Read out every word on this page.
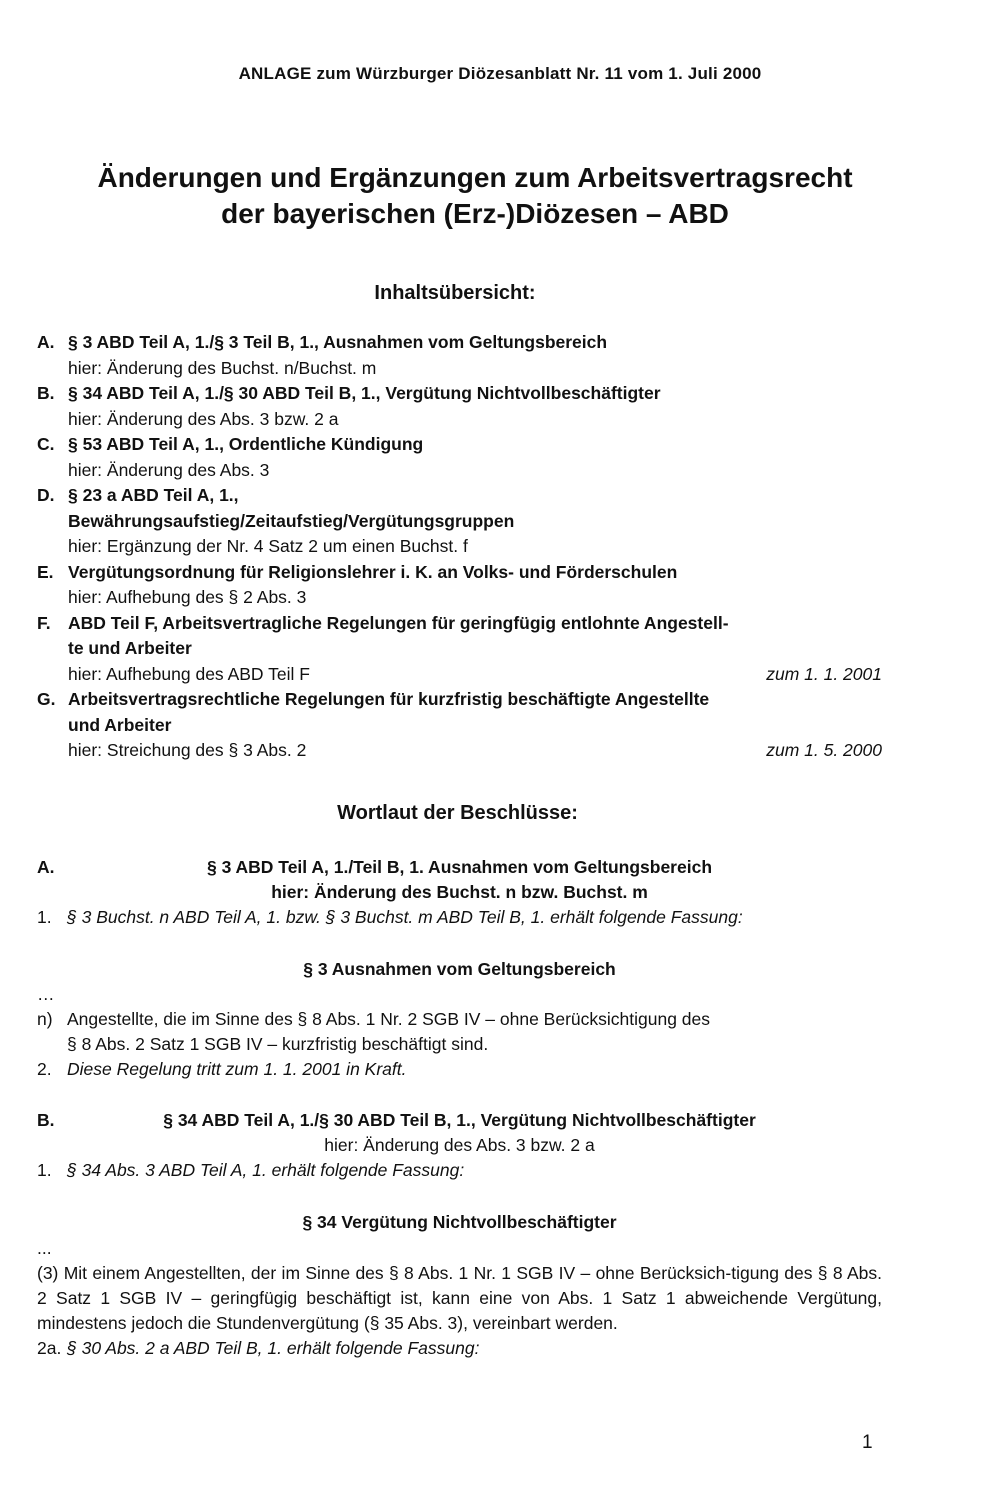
ANLAGE zum Würzburger Diözesanblatt Nr. 11 vom 1. Juli 2000
Änderungen und Ergänzungen zum Arbeitsvertragsrecht
der bayerischen (Erz-)Diözesen – ABD
Inhaltsübersicht:
A. § 3 ABD Teil A, 1./§ 3 Teil B, 1., Ausnahmen vom Geltungsbereich
hier: Änderung des Buchst. n/Buchst. m
B. § 34 ABD Teil A, 1./§ 30 ABD Teil B, 1., Vergütung Nichtvollbeschäftigter
hier: Änderung des Abs. 3 bzw. 2 a
C. § 53 ABD Teil A, 1., Ordentliche Kündigung
hier: Änderung des Abs. 3
D. § 23 a ABD Teil A, 1.,
Bewährungsaufstieg/Zeitaufstieg/Vergütungsgruppen
hier: Ergänzung der Nr. 4 Satz 2 um einen Buchst. f
E. Vergütungsordnung für Religionslehrer i. K. an Volks- und Förderschulen
hier: Aufhebung des § 2 Abs. 3
F. ABD Teil F, Arbeitsvertragliche Regelungen für geringfügig entlohnte Angestell-
te und Arbeiter
hier: Aufhebung des ABD Teil F	zum 1. 1. 2001
G. Arbeitsvertragsrechtliche Regelungen für kurzfristig beschäftigte Angestellte
und Arbeiter
hier: Streichung des § 3 Abs. 2	zum 1. 5. 2000
Wortlaut der Beschlüsse:
A.	§ 3 ABD Teil A, 1./Teil B, 1. Ausnahmen vom Geltungsbereich
hier: Änderung des Buchst. n bzw. Buchst. m
1. § 3 Buchst. n ABD Teil A, 1. bzw. § 3 Buchst. m ABD Teil B, 1. erhält folgende Fassung:
§ 3 Ausnahmen vom Geltungsbereich
…
n) Angestellte, die im Sinne des § 8 Abs. 1 Nr. 2 SGB IV – ohne Berücksichtigung des
§ 8 Abs. 2 Satz 1 SGB IV – kurzfristig beschäftigt sind.
2. Diese Regelung tritt zum 1. 1. 2001 in Kraft.
B.	§ 34 ABD Teil A, 1./§ 30 ABD Teil B, 1., Vergütung Nichtvollbeschäftigter
hier: Änderung des Abs. 3 bzw. 2 a
1. § 34 Abs. 3 ABD Teil A, 1. erhält folgende Fassung:
§ 34 Vergütung Nichtvollbeschäftigter
...
(3) Mit einem Angestellten, der im Sinne des § 8 Abs. 1 Nr. 1 SGB IV – ohne Berücksich-tigung des § 8 Abs. 2 Satz 1 SGB IV – geringfügig beschäftigt ist, kann eine von Abs. 1 Satz 1 abweichende Vergütung, mindestens jedoch die Stundenvergütung (§ 35 Abs. 3), vereinbart werden.
2a. § 30 Abs. 2 a ABD Teil B, 1. erhält folgende Fassung:
1
